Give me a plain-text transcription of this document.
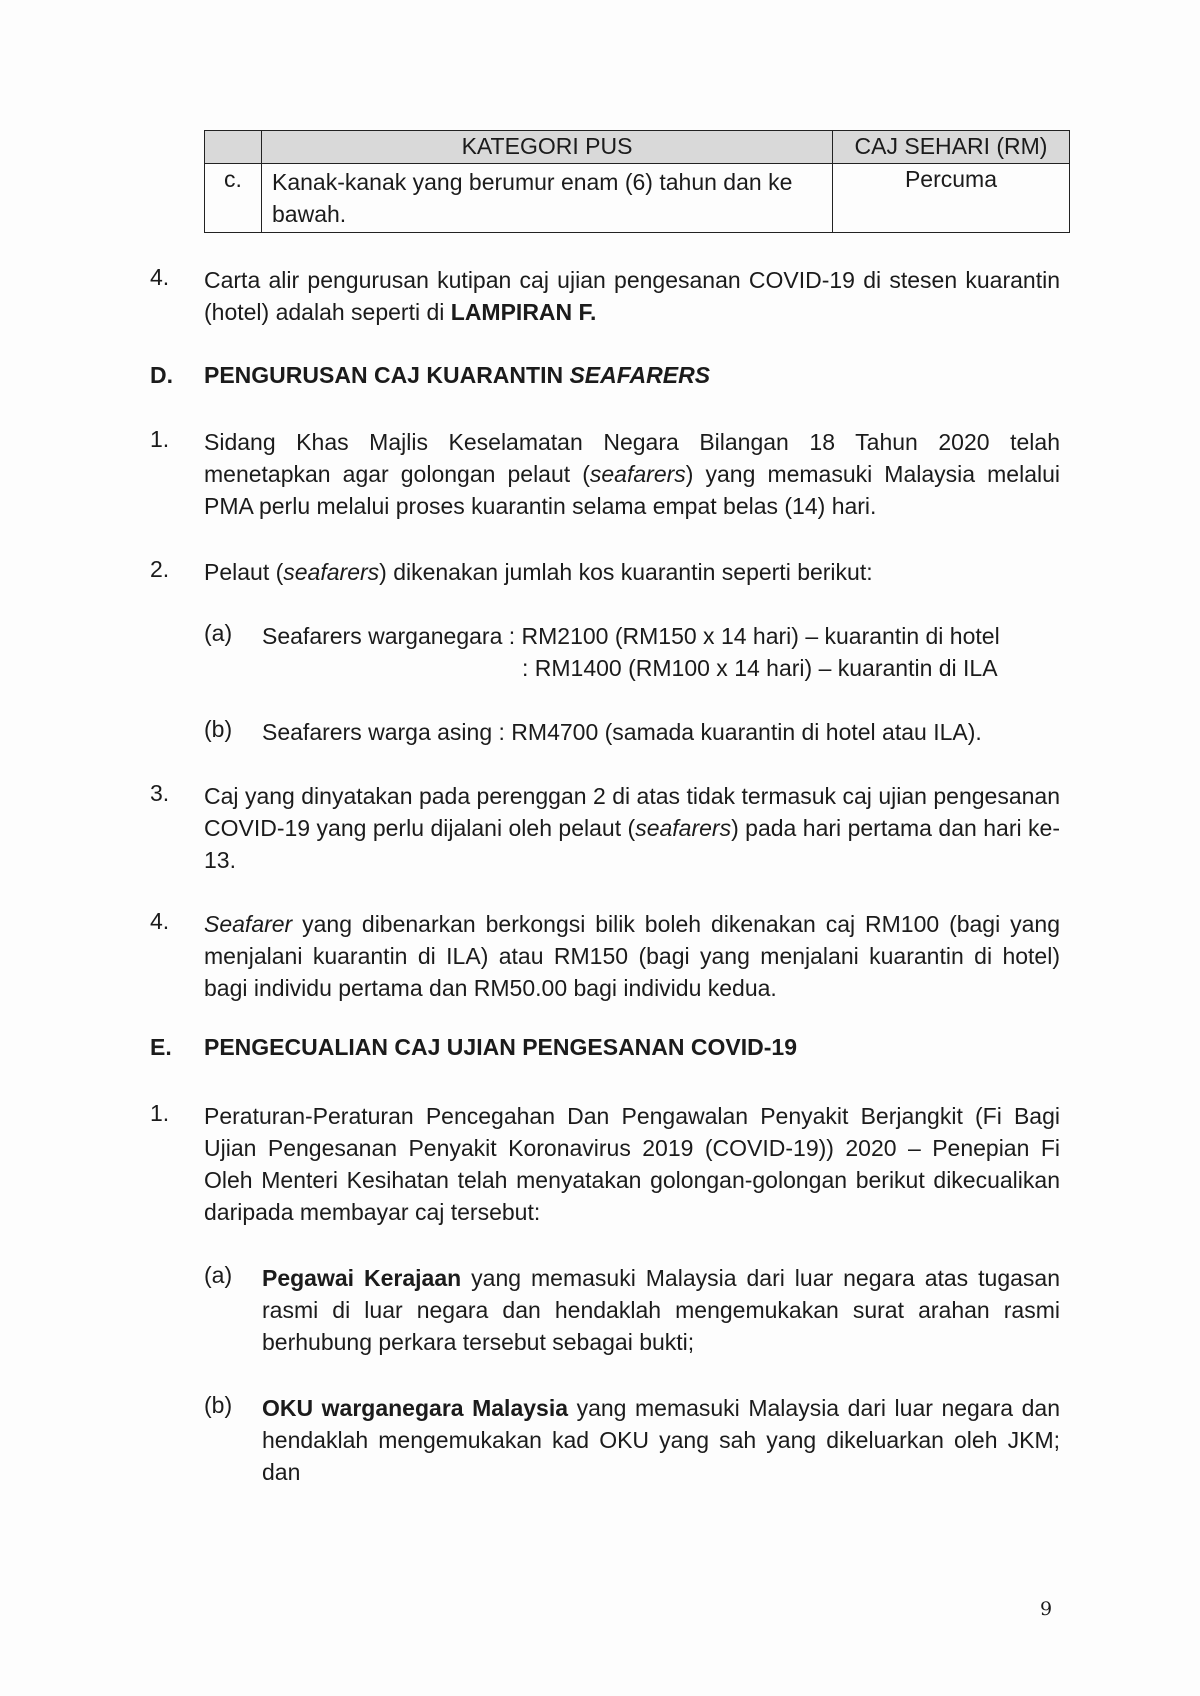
	KATEGORI PUS	CAJ SEHARI (RM)
c.	Kanak-kanak yang berumur enam (6) tahun dan ke bawah.	Percuma
4. Carta alir pengurusan kutipan caj ujian pengesanan COVID-19 di stesen kuarantin (hotel) adalah seperti di LAMPIRAN F.
D. PENGURUSAN CAJ KUARANTIN SEAFARERS
1. Sidang Khas Majlis Keselamatan Negara Bilangan 18 Tahun 2020 telah menetapkan agar golongan pelaut (seafarers) yang memasuki Malaysia melalui PMA perlu melalui proses kuarantin selama empat belas (14) hari.
2. Pelaut (seafarers) dikenakan jumlah kos kuarantin seperti berikut:
(a) Seafarers warganegara : RM2100 (RM150 x 14 hari) – kuarantin di hotel
: RM1400 (RM100 x 14 hari) – kuarantin di ILA
(b) Seafarers warga asing : RM4700 (samada kuarantin di hotel atau ILA).
3. Caj yang dinyatakan pada perenggan 2 di atas tidak termasuk caj ujian pengesanan COVID-19 yang perlu dijalani oleh pelaut (seafarers) pada hari pertama dan hari ke-13.
4. Seafarer yang dibenarkan berkongsi bilik boleh dikenakan caj RM100 (bagi yang menjalani kuarantin di ILA) atau RM150 (bagi yang menjalani kuarantin di hotel) bagi individu pertama dan RM50.00 bagi individu kedua.
E. PENGECUALIAN CAJ UJIAN PENGESANAN COVID-19
1. Peraturan-Peraturan Pencegahan Dan Pengawalan Penyakit Berjangkit (Fi Bagi Ujian Pengesanan Penyakit Koronavirus 2019 (COVID-19)) 2020 – Penepian Fi Oleh Menteri Kesihatan telah menyatakan golongan-golongan berikut dikecualikan daripada membayar caj tersebut:
(a) Pegawai Kerajaan yang memasuki Malaysia dari luar negara atas tugasan rasmi di luar negara dan hendaklah mengemukakan surat arahan rasmi berhubung perkara tersebut sebagai bukti;
(b) OKU warganegara Malaysia yang memasuki Malaysia dari luar negara dan hendaklah mengemukakan kad OKU yang sah yang dikeluarkan oleh JKM; dan
9
